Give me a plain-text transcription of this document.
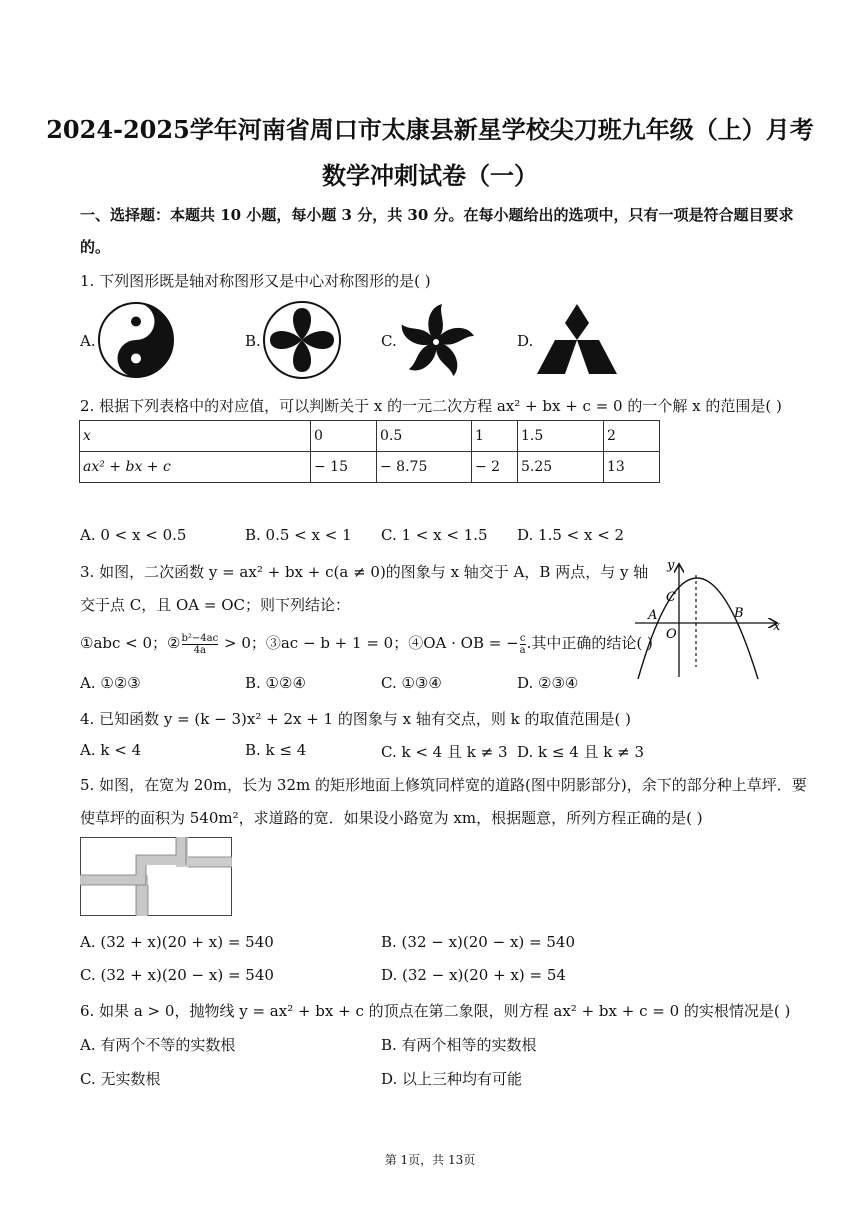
2024-2025学年河南省周口市太康县新星学校尖刀班九年级（上）月考
数学冲刺试卷（一）
一、选择题：本题共 10 小题，每小题 3 分，共 30 分。在每小题给出的选项中，只有一项是符合题目要求
的。
1. 下列图形既是轴对称图形又是中心对称图形的是( )
A.	B.	C.	D.
2. 根据下列表格中的对应值，可以判断关于 x 的一元二次方程 ax² + bx + c = 0 的一个解 x 的范围是( )
x	0	0.5	1	1.5	2
ax² + bx + c	− 15	− 8.75	− 2	5.25	13
A. 0 < x < 0.5	B. 0.5 < x < 1 C. 1 < x < 1.5 D. 1.5 < x < 2
3. 如图，二次函数 y = ax² + bx + c(a ≠ 0)的图象与 x 轴交于 A，B 两点，与 y 轴
交于点 C，且 OA = OC；则下列结论：
①abc < 0；② $\frac{\text{b²−4ac}}{4a} > 0$；③ac − b + 1 = 0；④OA · OB = − $\frac{c}{a}$ .其中正确的结论( )
A. ①②③	B. ①②④	C. ①③④	D. ②③④
y
x
C
A	B
O
4. 已知函数 y = (k − 3)x² + 2x + 1 的图象与 x 轴有交点，则 k 的取值范围是( )
A. k < 4	B. k ≤ 4	C. k < 4 且 k ≠ 3 D. k ≤ 4 且 k ≠ 3
5. 如图，在宽为 20m，长为 32m 的矩形地面上修筑同样宽的道路(图中阴影部分)，余下的部分种上草坪．要
使草坪的面积为 540m²，求道路的宽．如果设小路宽为 xm，根据题意，所列方程正确的是( )
A. (32 + x)(20 + x) = 540	B. (32 − x)(20 − x) = 540
C. (32 + x)(20 − x) = 540	D. (32 − x)(20 + x) = 54
6. 如果 a > 0，抛物线 y = ax² + bx + c 的顶点在第二象限，则方程 ax² + bx + c = 0 的实根情况是( )
A. 有两个不等的实数根	B. 有两个相等的实数根
C. 无实数根	D. 以上三种均有可能
第 1页，共 13页
